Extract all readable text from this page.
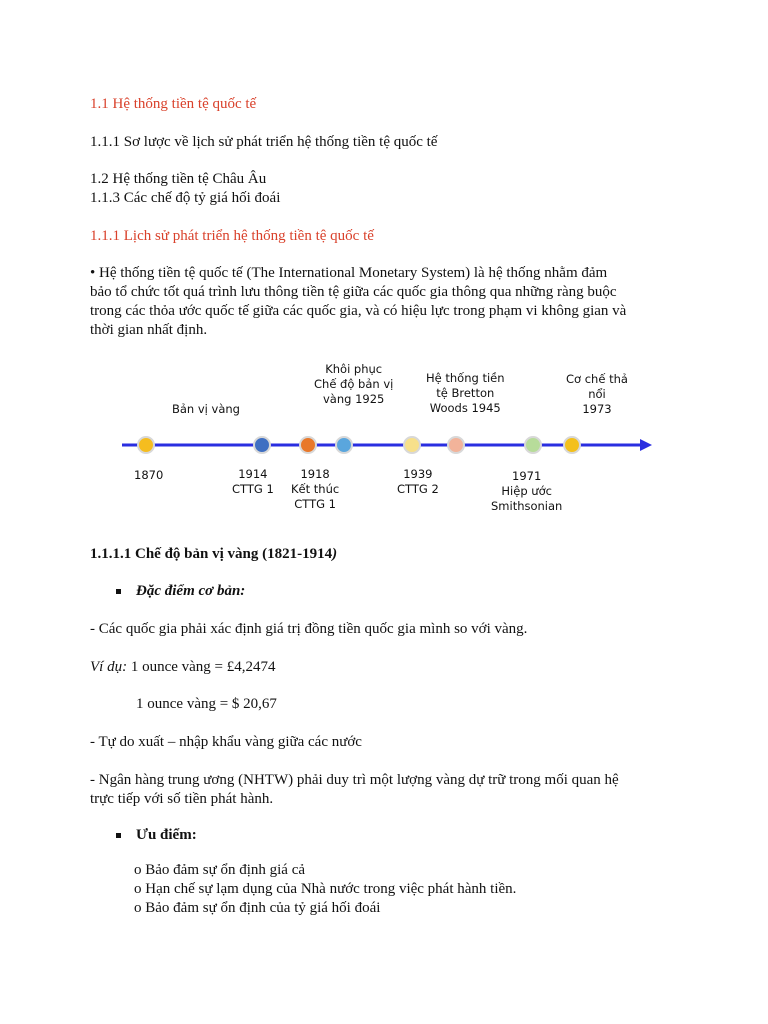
1.1 Hệ thống tiền tệ quốc tế

1.1.1 Sơ lược về lịch sử phát triển hệ thống tiền tệ quốc tế

1.2 Hệ thống tiền tệ Châu Âu

1.1.3 Các chế độ tỷ giá hối đoái

1.1.1 Lịch sử phát triển hệ thống tiền tệ quốc tế

• Hệ thống tiền tệ quốc tế (The International Monetary System) là hệ thống nhằm đảm
bảo tổ chức tốt quá trình lưu thông tiền tệ giữa các quốc gia thông qua những ràng buộc
trong các thỏa ước quốc tế giữa các quốc gia, và có hiệu lực trong phạm vi không gian và
thời gian nhất định.
Bản vị vàng
Khôi phục
Chế độ bản vị
vàng 1925
Hệ thống tiền
tệ Bretton
Woods 1945
Cơ chế thả
nổi
1973
1870	1914
CTTG 1
1918
Kết thúc
CTTG 1
1939
CTTG 2
1971
Hiệp ước
Smithsonian

1.1.1.1 Chế độ bản vị vàng (1821-1914)

Đặc điểm cơ bản:

- Các quốc gia phải xác định giá trị đồng tiền quốc gia mình so với vàng.

Ví dụ: 1 ounce vàng = £4,2474

1 ounce vàng = $ 20,67

- Tự do xuất – nhập khẩu vàng giữa các nước

- Ngân hàng trung ương (NHTW) phải duy trì một lượng vàng dự trữ trong mối quan hệ

trực tiếp với số tiền phát hành.

Ưu điểm:

o Bảo đảm sự ổn định giá cả

o Hạn chế sự lạm dụng của Nhà nước trong việc phát hành tiền.

o Bảo đảm sự ổn định của tỷ giá hối đoái
